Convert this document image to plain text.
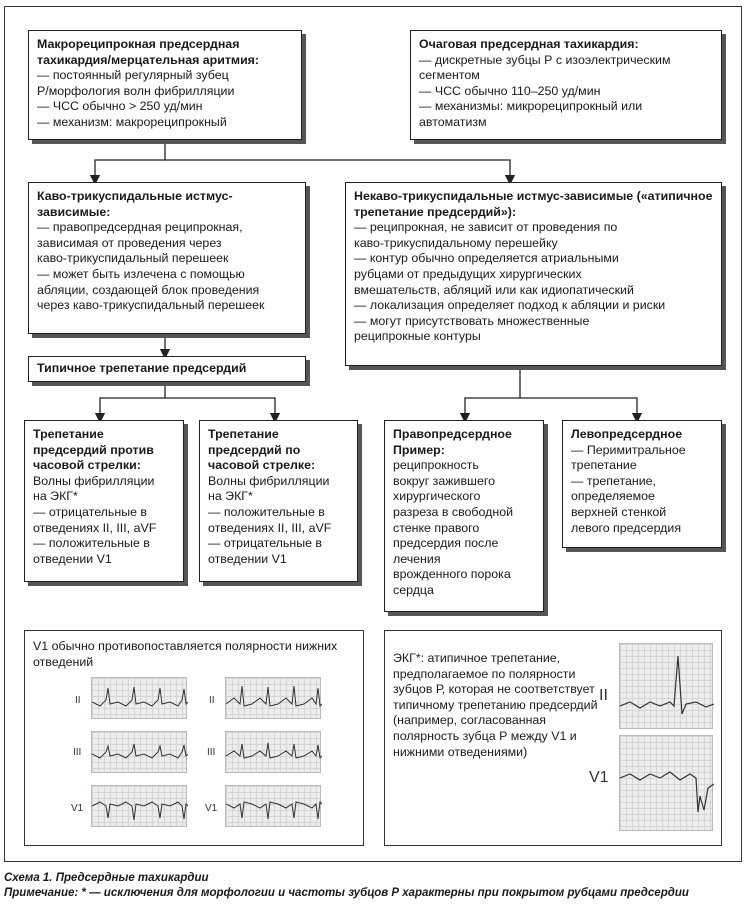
Макрореципрокная предсердная тахикардия/мерцательная аритмия:
— постоянный регулярный зубец
Р/морфология волн фибрилляции
— ЧСС обычно > 250 уд/мин
— механизм: макрореципрокный
Очаговая предсердная тахикардия:
— дискретные зубцы Р с изоэлектрическим
сегментом
— ЧСС обычно 110–250 уд/мин
— механизмы: микрореципрокный или
автоматизм
Каво-трикуспидальные истмус-зависимые:
— правопредсердная реципрокная,
зависимая от проведения через
каво-трикуспидальный перешеек
— может быть излечена с помощью
абляции, создающей блок проведения
через каво-трикуспидальный перешеек
Некаво-трикуспидальные истмус-зависимые («атипичное трепетание предсердий»):
— реципрокная, не зависит от проведения по
каво-трикуспидальному перешейку
— контур обычно определяется атриальными
рубцами от предыдущих хирургических
вмешательств, абляций или как идиопатический
— локализация определяет подход к абляции и риски
— могут присутствовать множественные
реципрокные контуры
Типичное трепетание предсердий
Трепетание предсердий против часовой стрелки:
Волны фибрилляции
на ЭКГ*
— отрицательные в
отведениях II, III, aVF
— положительные в
отведении V1
Трепетание предсердий по часовой стрелке:
Волны фибрилляции
на ЭКГ*
— положительные в
отведениях II, III, aVF
— отрицательные в
отведении V1
Правопредсердное Пример:
реципрокность
вокруг зажившего
хирургического
разреза в свободной
стенке правого
предсердия после
лечения
врожденного порока
сердца
Левопредсердное
— Перимитральное
трепетание
— трепетание,
определяемое
верхней стенкой
левого предсердия
V1 обычно противопоставляется полярности нижних отведений
II
III
V1
II
III
V1
ЭКГ*: атипичное трепетание, предполагаемое по полярности зубцов Р, которая не соответствует типичному трепетанию предсердий (например, согласованная полярность зубца Р между V1 и нижними отведениями)
II
V1
Схема 1. Предсердные тахикардии
Примечание: * — исключения для морфологии и частоты зубцов Р характерны при покрытом рубцами предсердии
